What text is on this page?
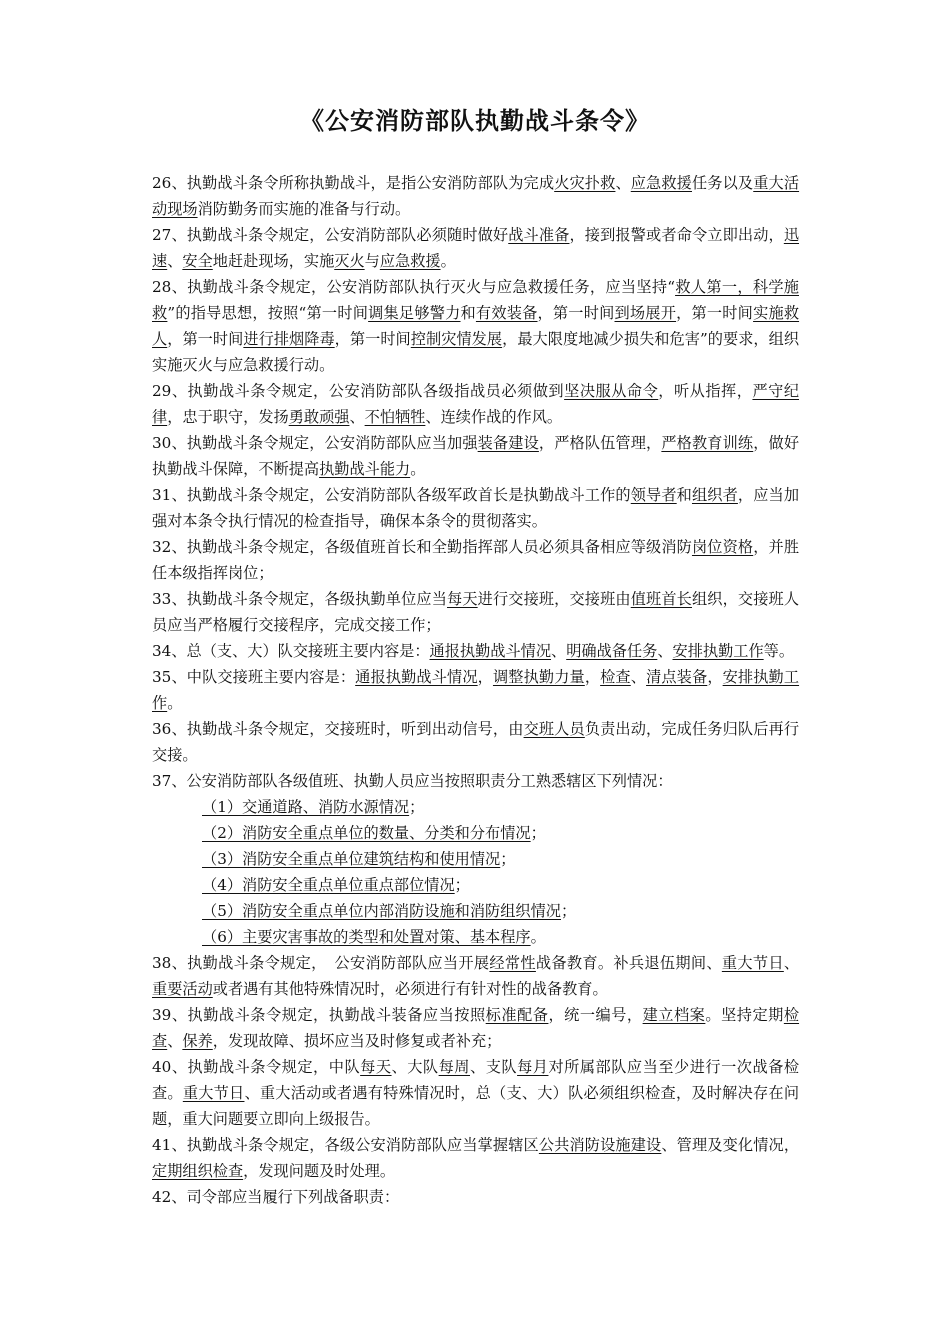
《公安消防部队执勤战斗条令》
26、执勤战斗条令所称执勤战斗，是指公安消防部队为完成火灾扑救、应急救援任务以及重大活动现场消防勤务而实施的准备与行动。
27、执勤战斗条令规定，公安消防部队必须随时做好战斗准备，接到报警或者命令立即出动，迅速、安全地赶赴现场，实施灭火与应急救援。
28、执勤战斗条令规定，公安消防部队执行灭火与应急救援任务，应当坚持“救人第一，科学施救”的指导思想，按照“第一时间调集足够警力和有效装备，第一时间到场展开，第一时间实施救人，第一时间进行排烟降毒，第一时间控制灾情发展，最大限度地减少损失和危害”的要求，组织实施灭火与应急救援行动。
29、执勤战斗条令规定，公安消防部队各级指战员必须做到坚决服从命令，听从指挥，严守纪律，忠于职守，发扬勇敢顽强、不怕牺牲、连续作战的作风。
30、执勤战斗条令规定，公安消防部队应当加强装备建设，严格队伍管理，严格教育训练，做好执勤战斗保障，不断提高执勤战斗能力。
31、执勤战斗条令规定，公安消防部队各级军政首长是执勤战斗工作的领导者和组织者，应当加强对本条令执行情况的检查指导，确保本条令的贯彻落实。
32、执勤战斗条令规定，各级值班首长和全勤指挥部人员必须具备相应等级消防岗位资格，并胜任本级指挥岗位；
33、执勤战斗条令规定，各级执勤单位应当每天进行交接班，交接班由值班首长组织，交接班人员应当严格履行交接程序，完成交接工作；
34、总（支、大）队交接班主要内容是：通报执勤战斗情况、明确战备任务、安排执勤工作等。
35、中队交接班主要内容是：通报执勤战斗情况，调整执勤力量，检查、清点装备，安排执勤工作。
36、执勤战斗条令规定，交接班时，听到出动信号，由交班人员负责出动，完成任务归队后再行交接。
37、公安消防部队各级值班、执勤人员应当按照职责分工熟悉辖区下列情况：
（1）交通道路、消防水源情况；
（2）消防安全重点单位的数量、分类和分布情况；
（3）消防安全重点单位建筑结构和使用情况；
（4）消防安全重点单位重点部位情况；
（5）消防安全重点单位内部消防设施和消防组织情况；
（6）主要灾害事故的类型和处置对策、基本程序。
38、执勤战斗条令规定，　公安消防部队应当开展经常性战备教育。补兵退伍期间、重大节日、重要活动或者遇有其他特殊情况时，必须进行有针对性的战备教育。
39、执勤战斗条令规定，执勤战斗装备应当按照标准配备，统一编号，建立档案。坚持定期检查、保养，发现故障、损坏应当及时修复或者补充；
40、执勤战斗条令规定，中队每天、大队每周、支队每月对所属部队应当至少进行一次战备检查。重大节日、重大活动或者遇有特殊情况时，总（支、大）队必须组织检查，及时解决存在问题，重大问题要立即向上级报告。
41、执勤战斗条令规定，各级公安消防部队应当掌握辖区公共消防设施建设、管理及变化情况，定期组织检查，发现问题及时处理。
42、司令部应当履行下列战备职责：
